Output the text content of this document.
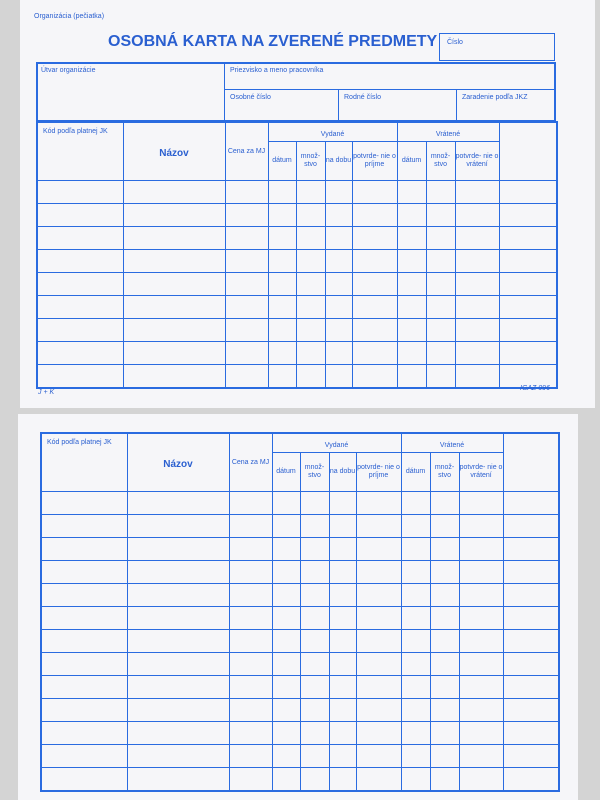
Organizácia (pečiatka)
OSOBNÁ KARTA NA ZVERENÉ PREDMETY Číslo
Útvar organizácie	Priezvisko a meno pracovníka
Osobné číslo	Rodné číslo	Zaradenie podľa JKZ
Kód podľa platnej JK	Názov	Cena za MJ	Vydané				Vrátené			

			dátum	množ- stvo	na dobu	potvrde- nie o príjme	dátum	množ- stvo	potvrde- nie o vrátení	

J + K
IGAZ 096
Kód podľa platnej JK	Názov	Cena za MJ	Vydané				Vrátené			

			dátum	množ- stvo	na dobu	potvrde- nie o príjme	dátum	množ- stvo	potvrde- nie o vrátení	
